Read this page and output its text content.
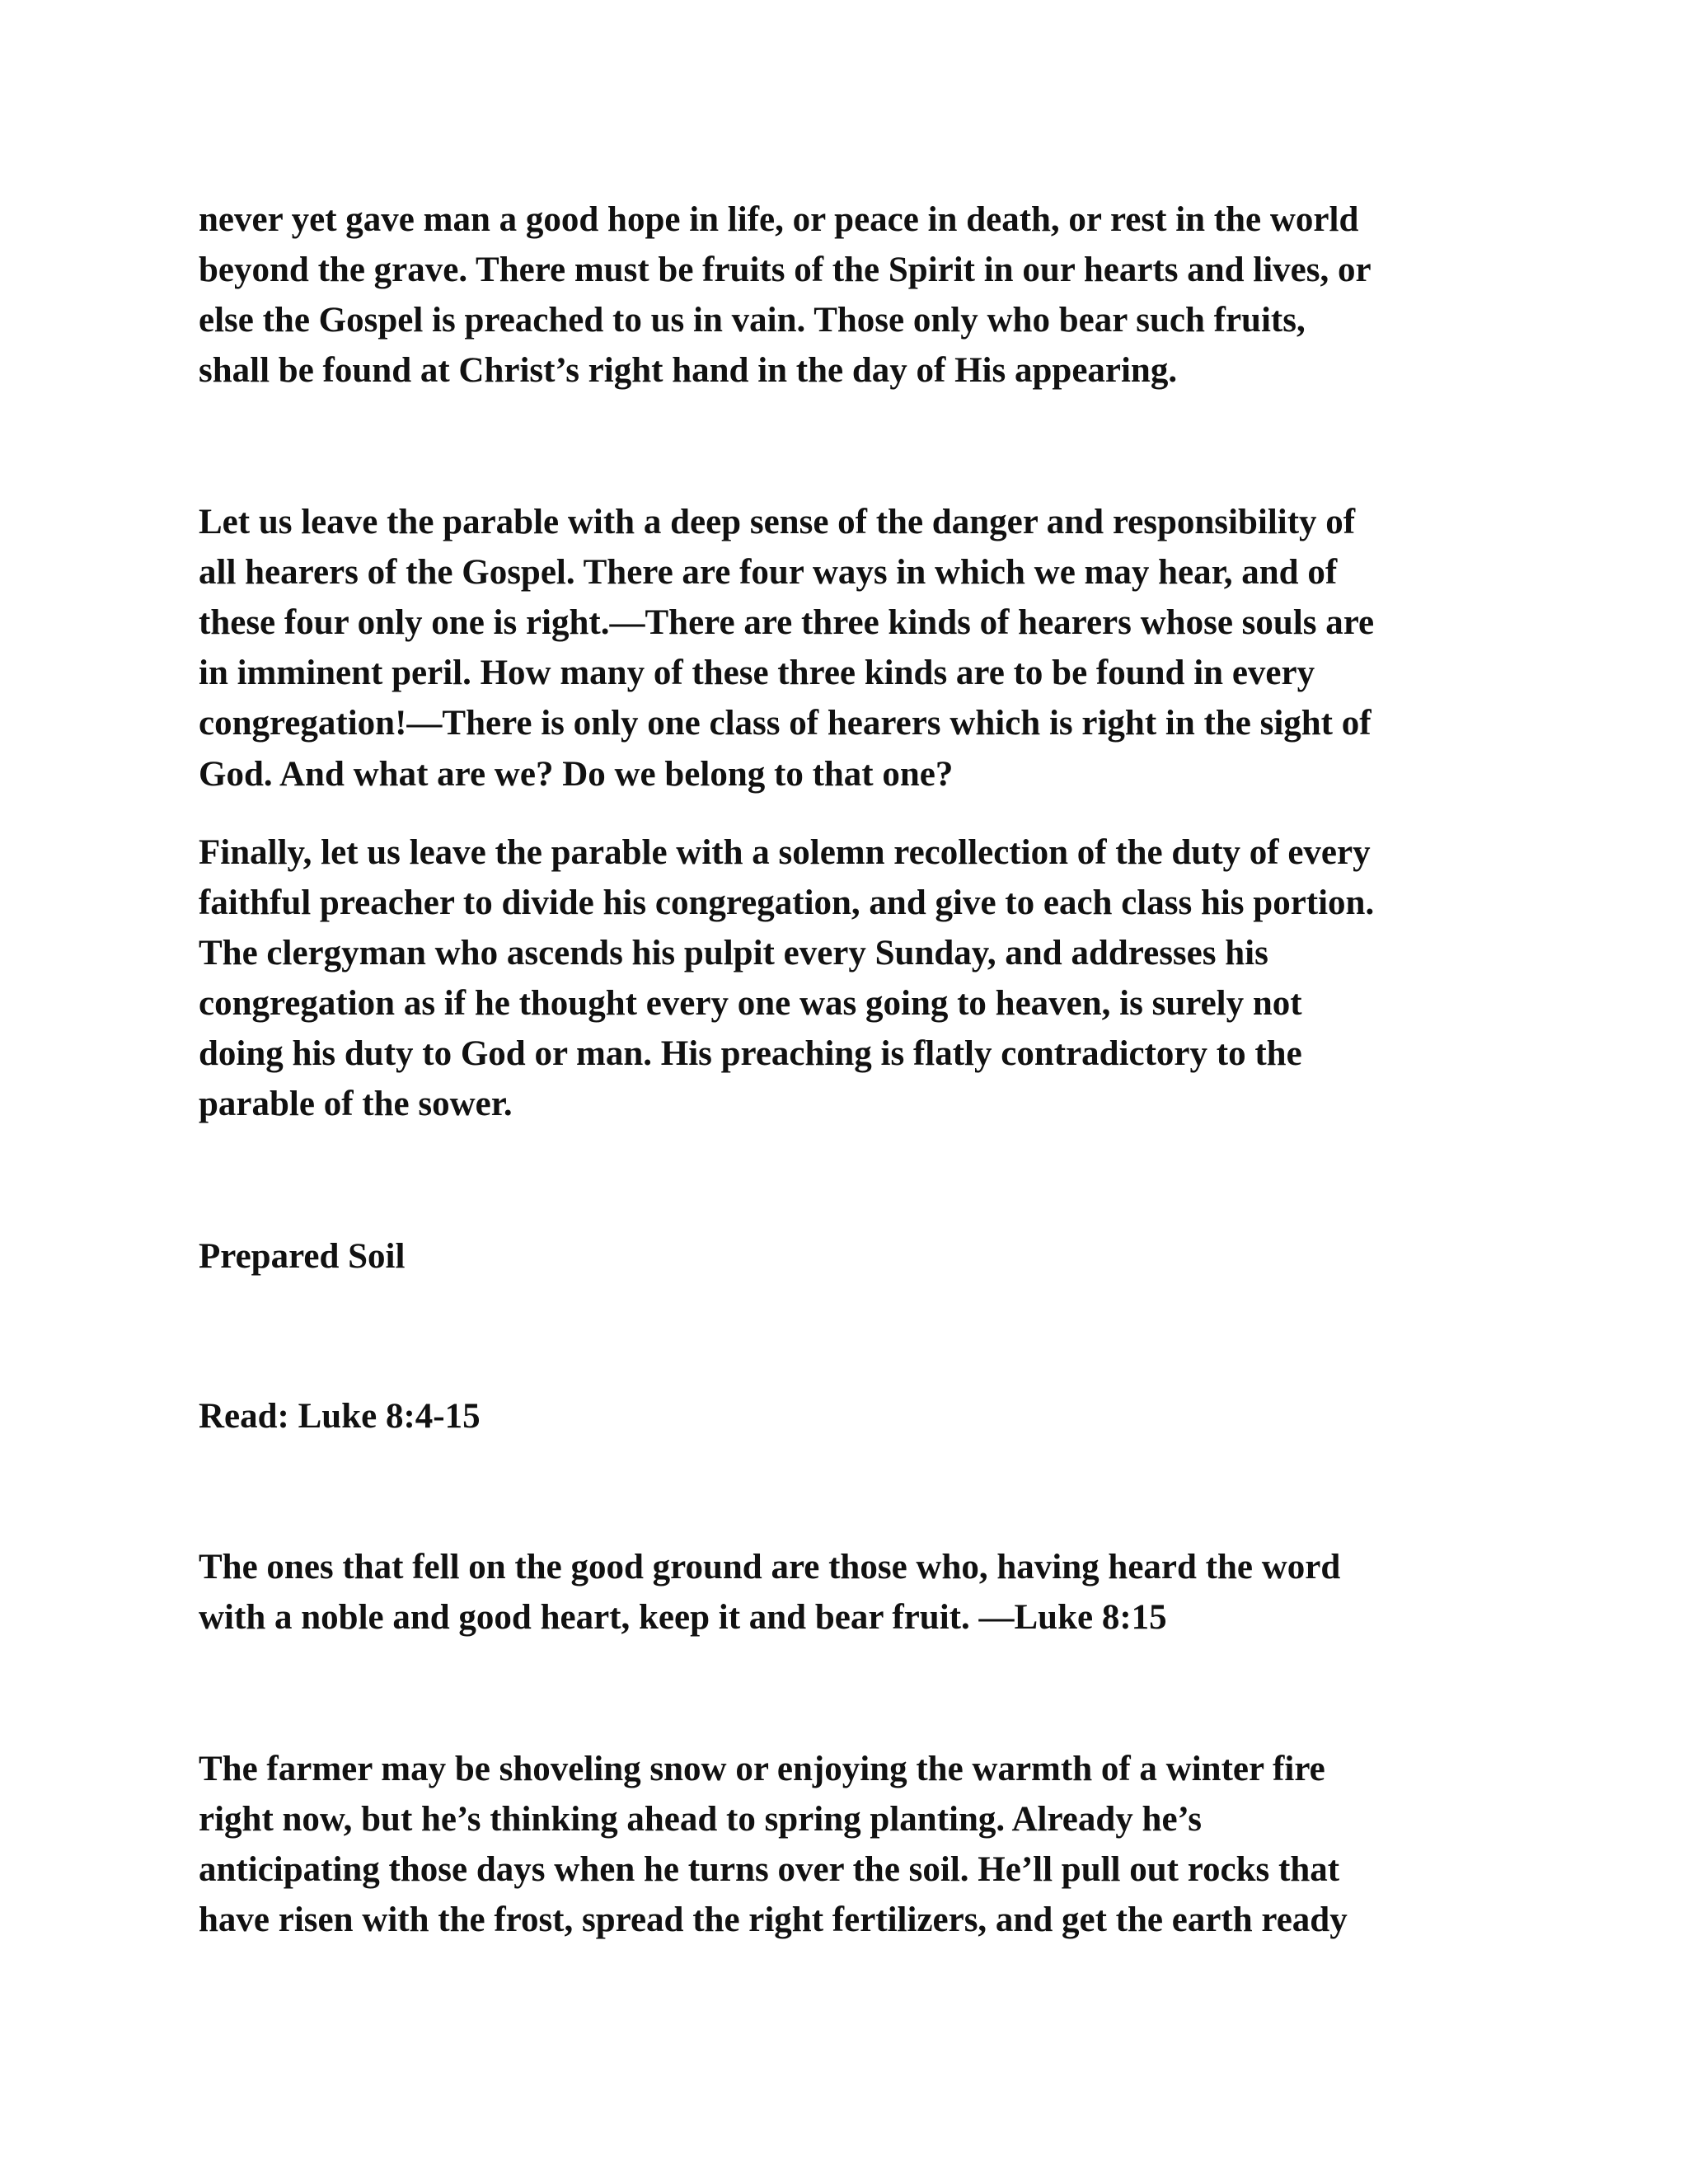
never yet gave man a good hope in life, or peace in death, or rest in the world
beyond the grave. There must be fruits of the Spirit in our hearts and lives, or
else the Gospel is preached to us in vain. Those only who bear such fruits,
shall be found at Christ’s right hand in the day of His appearing.
Let us leave the parable with a deep sense of the danger and responsibility of
all hearers of the Gospel. There are four ways in which we may hear, and of
these four only one is right.—There are three kinds of hearers whose souls are
in imminent peril. How many of these three kinds are to be found in every
congregation!—There is only one class of hearers which is right in the sight of
God. And what are we? Do we belong to that one?
Finally, let us leave the parable with a solemn recollection of the duty of every
faithful preacher to divide his congregation, and give to each class his portion.
The clergyman who ascends his pulpit every Sunday, and addresses his
congregation as if he thought every one was going to heaven, is surely not
doing his duty to God or man. His preaching is flatly contradictory to the
parable of the sower.
Prepared Soil
Read: Luke 8:4-15
The ones that fell on the good ground are those who, having heard the word
with a noble and good heart, keep it and bear fruit. —Luke 8:15
The farmer may be shoveling snow or enjoying the warmth of a winter fire
right now, but he’s thinking ahead to spring planting. Already he’s
anticipating those days when he turns over the soil. He’ll pull out rocks that
have risen with the frost, spread the right fertilizers, and get the earth ready
